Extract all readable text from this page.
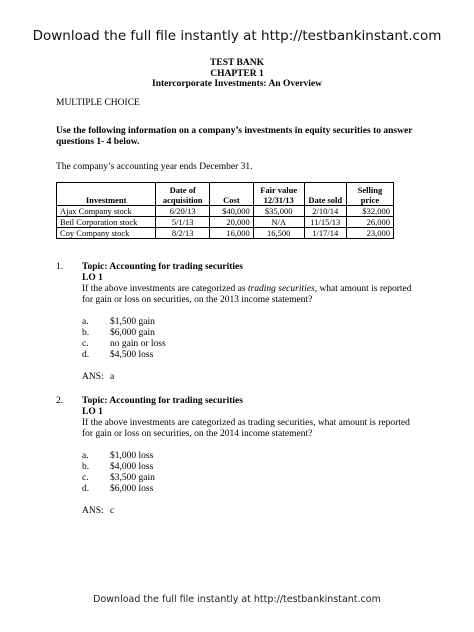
Download the full file instantly at http://testbankinstant.com
TEST BANK
CHAPTER 1
Intercorporate Investments: An Overview
MULTIPLE CHOICE
Use the following information on a company’s investments in equity securities to answer questions 1- 4 below.
The company’s accounting year ends December 31.
Investment	Date of acquisition	Cost	Fair value 12/31/13	Date sold	Selling price
Ajax Company stock	6/20/13	$40,000	$35,000	2/10/14	$32,000
Beil Corporation stock	5/1/13	20,000	N/A	11/15/13	26,000
Coy Company stock	8/2/13	16,000	16,500	1/17/14	23,000
1. Topic: Accounting for trading securities
LO 1
If the above investments are categorized as trading securities, what amount is reported for gain or loss on securities, on the 2013 income statement?
a. $1,500 gain
b. $6,000 gain
c. no gain or loss
d. $4,500 loss
ANS: a
2. Topic: Accounting for trading securities
LO 1
If the above investments are categorized as trading securities, what amount is reported for gain or loss on securities, on the 2014 income statement?
a. $1,000 loss
b. $4,000 loss
c. $3,500 gain
d. $6,000 loss
ANS: c
Download the full file instantly at http://testbankinstant.com
